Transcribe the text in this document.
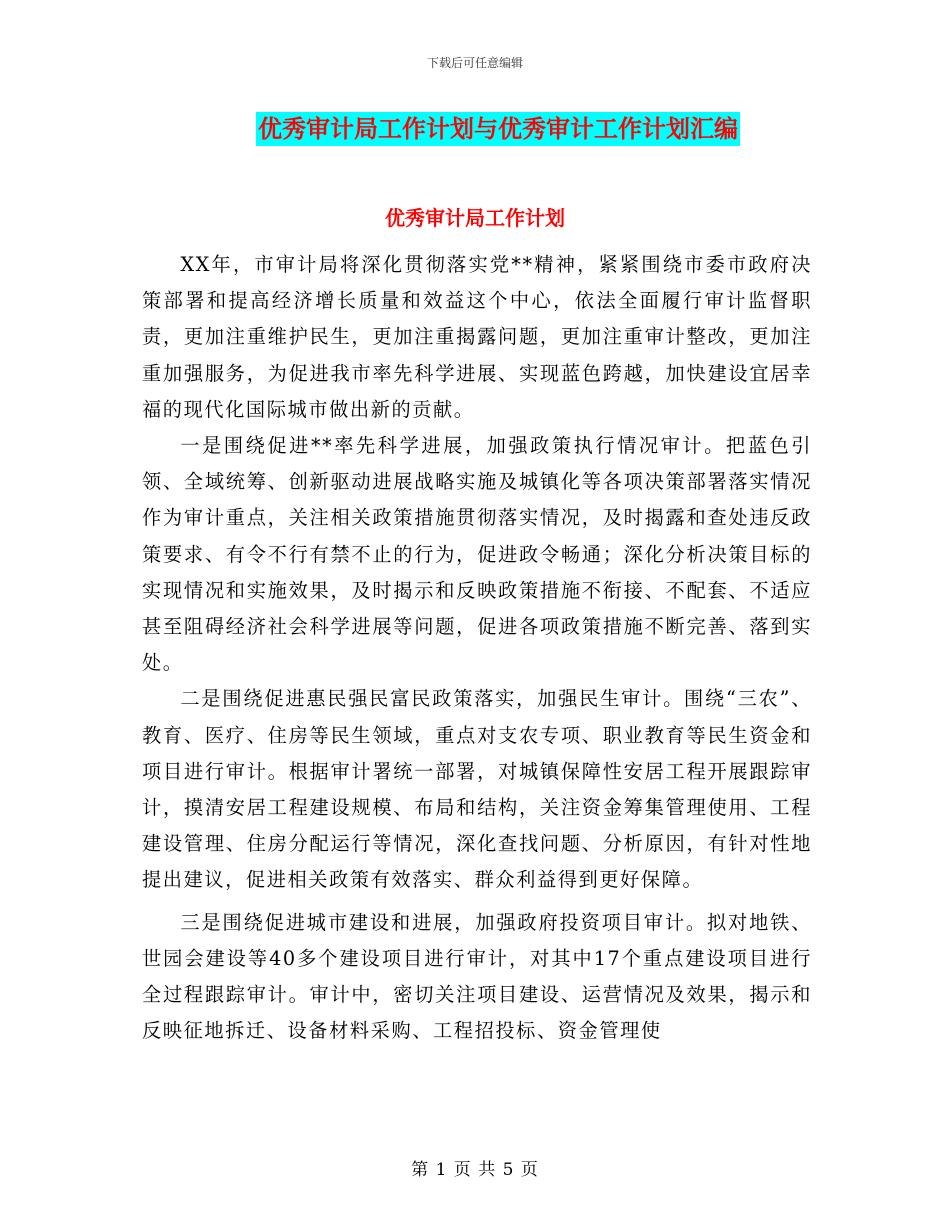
下载后可任意编辑
优秀审计局工作计划与优秀审计工作计划汇编
优秀审计局工作计划

XX年，市审计局将深化贯彻落实党**精神，紧紧围绕市委市政府决策部署和提高经济增长质量和效益这个中心，依法全面履行审计监督职责，更加注重维护民生，更加注重揭露问题，更加注重审计整改，更加注重加强服务，为促进我市率先科学进展、实现蓝色跨越，加快建设宜居幸福的现代化国际城市做出新的贡献。

一是围绕促进**率先科学进展，加强政策执行情况审计。把蓝色引领、全域统筹、创新驱动进展战略实施及城镇化等各项决策部署落实情况作为审计重点，关注相关政策措施贯彻落实情况，及时揭露和查处违反政策要求、有令不行有禁不止的行为，促进政令畅通；深化分析决策目标的实现情况和实施效果，及时揭示和反映政策措施不衔接、不配套、不适应甚至阻碍经济社会科学进展等问题，促进各项政策措施不断完善、落到实处。

二是围绕促进惠民强民富民政策落实，加强民生审计。围绕“三农”、教育、医疗、住房等民生领域，重点对支农专项、职业教育等民生资金和项目进行审计。根据审计署统一部署，对城镇保障性安居工程开展跟踪审计，摸清安居工程建设规模、布局和结构，关注资金筹集管理使用、工程建设管理、住房分配运行等情况，深化查找问题、分析原因，有针对性地提出建议，促进相关政策有效落实、群众利益得到更好保障。

三是围绕促进城市建设和进展，加强政府投资项目审计。拟对地铁、世园会建设等40多个建设项目进行审计，对其中17个重点建设项目进行全过程跟踪审计。审计中，密切关注项目建设、运营情况及效果，揭示和反映征地拆迁、设备材料采购、工程招投标、资金管理使

第 1 页 共 5 页
